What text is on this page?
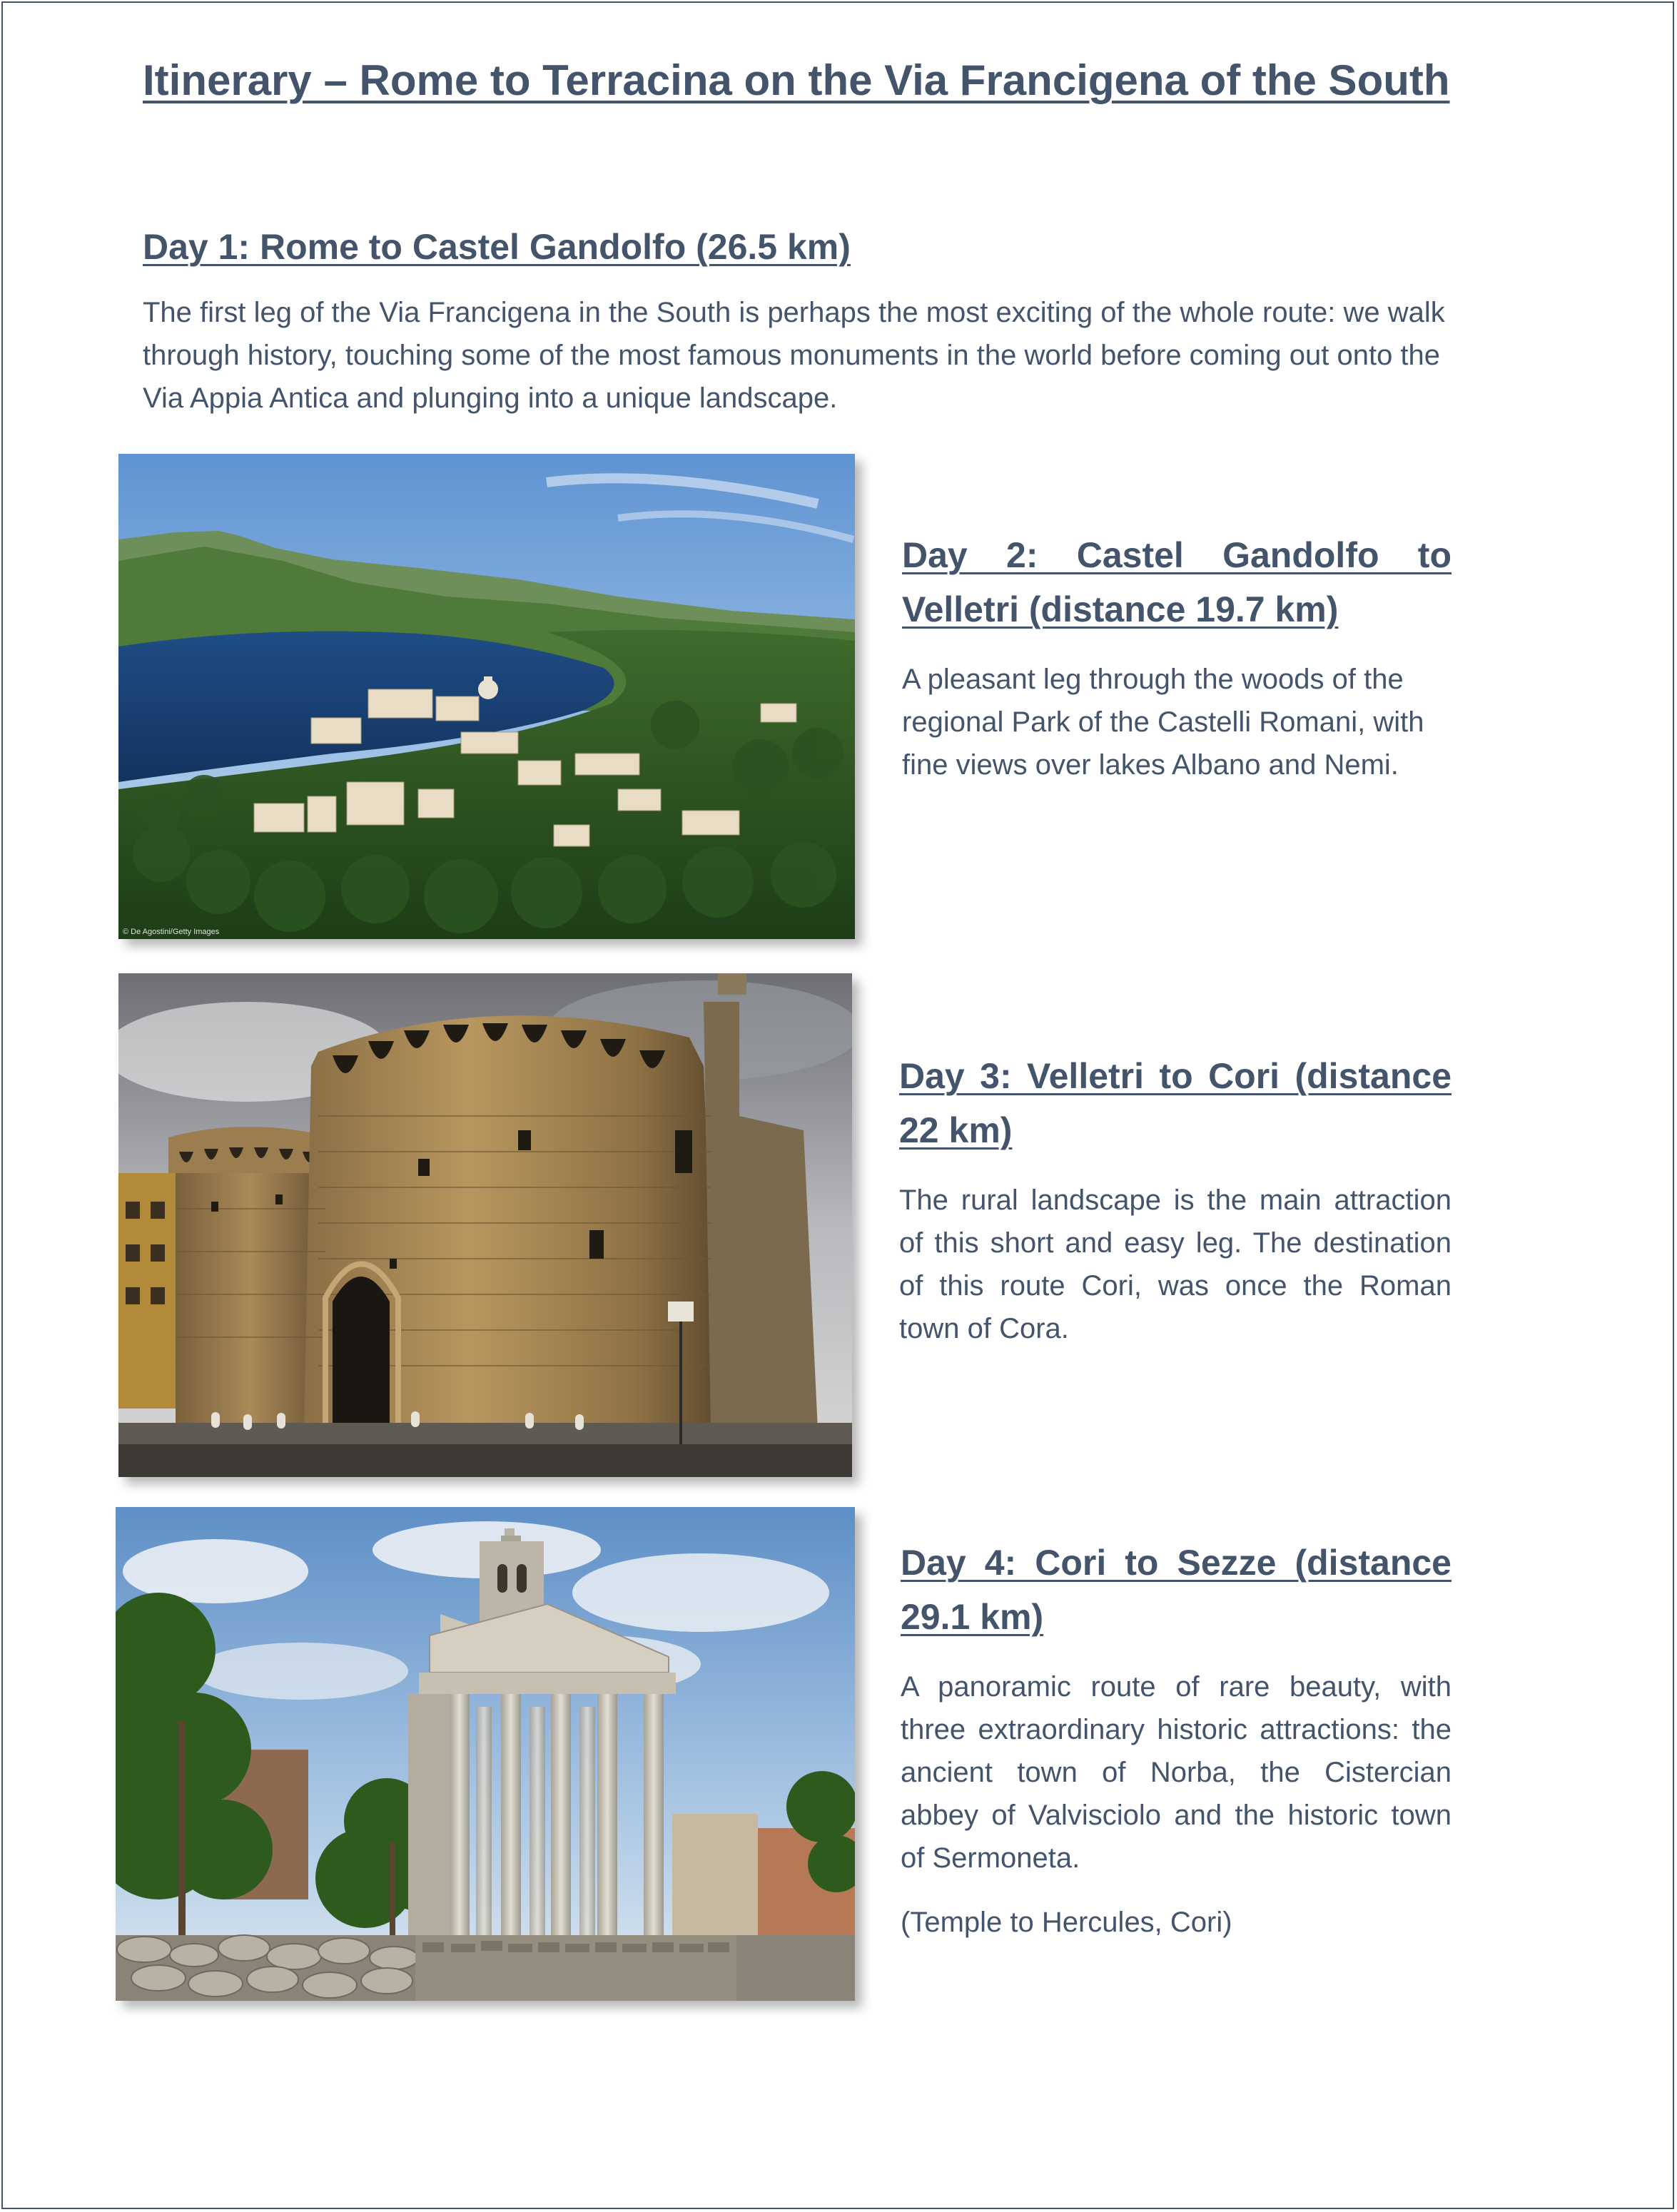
Itinerary – Rome to Terracina on the Via Francigena of the South
Day 1: Rome to Castel Gandolfo (26.5 km)

The first leg of the Via Francigena in the South is perhaps the most exciting of the whole route: we walk through history, touching some of the most famous monuments in the world before coming out onto the Via Appia Antica and plunging into a unique landscape.

© De Agostini/Getty Images
Day 2: Castel Gandolfo to Velletri (distance 19.7 km)

A pleasant leg through the woods of the regional Park of the Castelli Romani, with fine views over lakes Albano and Nemi.

Day 3: Velletri to Cori (distance 22 km)

The rural landscape is the main attraction of this short and easy leg. The destination of this route Cori, was once the Roman town of Cora.

Day 4: Cori to Sezze (distance 29.1 km)

A panoramic route of rare beauty, with three extraordinary historic attractions: the ancient town of Norba, the Cistercian abbey of Valvisciolo and the historic town of Sermoneta.

(Temple to Hercules, Cori)
